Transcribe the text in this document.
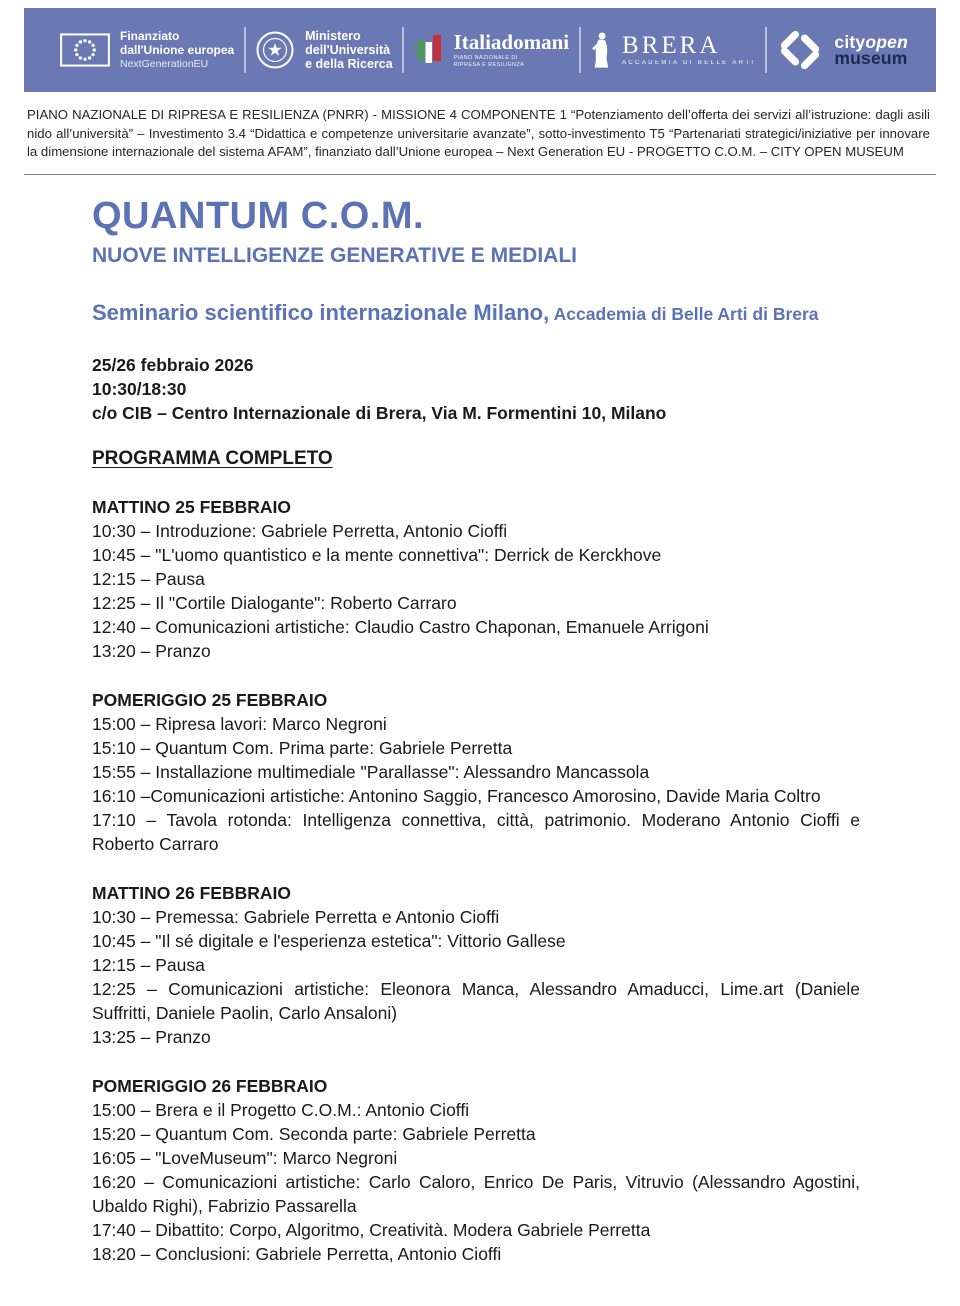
Finanziato
dall'Unione europea
NextGenerationEU
Ministero
dell'Università
e della Ricerca
Italiadomani
PIANO NAZIONALE DI RIPRESA E RESILIENZA
BRERA
ACCADEMIA DI BELLE ARTI
cityopen
museum

PIANO NAZIONALE DI RIPRESA E RESILIENZA (PNRR) - MISSIONE 4 COMPONENTE 1 “Potenziamento dell’offerta dei servizi all’istruzione: dagli asili nido all’università” – Investimento 3.4 “Didattica e competenze universitarie avanzate”, sotto-investimento T5 “Partenariati strategici/iniziative per innovare la dimensione internazionale del sistema AFAM”, finanziato dall’Unione europea – Next Generation EU - PROGETTO C.O.M. – CITY OPEN MUSEUM

QUANTUM C.O.M.
NUOVE INTELLIGENZE GENERATIVE E MEDIALI
Seminario scientifico internazionale Milano, Accademia di Belle Arti di Brera
25/26 febbraio 2026
10:30/18:30
c/o CIB – Centro Internazionale di Brera, Via M. Formentini 10, Milano
PROGRAMMA COMPLETO
MATTINO 25 FEBBRAIO

10:30 – Introduzione: Gabriele Perretta, Antonio Cioffi

10:45 – "L'uomo quantistico e la mente connettiva": Derrick de Kerckhove

12:15 – Pausa

12:25 – Il "Cortile Dialogante": Roberto Carraro

12:40 – Comunicazioni artistiche: Claudio Castro Chaponan, Emanuele Arrigoni

13:20 – Pranzo

POMERIGGIO 25 FEBBRAIO

15:00 – Ripresa lavori: Marco Negroni

15:10 – Quantum Com. Prima parte: Gabriele Perretta

15:55 – Installazione multimediale "Parallasse": Alessandro Mancassola

16:10 –Comunicazioni artistiche: Antonino Saggio, Francesco Amorosino, Davide Maria Coltro

17:10 – Tavola rotonda: Intelligenza connettiva, città, patrimonio. Moderano Antonio Cioffi e Roberto Carraro

MATTINO 26 FEBBRAIO

10:30 – Premessa: Gabriele Perretta e Antonio Cioffi

10:45 – "Il sé digitale e l'esperienza estetica": Vittorio Gallese

12:15 – Pausa

12:25 – Comunicazioni artistiche: Eleonora Manca, Alessandro Amaducci, Lime.art (Daniele Suffritti, Daniele Paolin, Carlo Ansaloni)

13:25 – Pranzo

POMERIGGIO 26 FEBBRAIO

15:00 – Brera e il Progetto C.O.M.: Antonio Cioffi

15:20 – Quantum Com. Seconda parte: Gabriele Perretta

16:05 – "LoveMuseum": Marco Negroni

16:20 – Comunicazioni artistiche: Carlo Caloro, Enrico De Paris, Vitruvio (Alessandro Agostini, Ubaldo Righi), Fabrizio Passarella

17:40 – Dibattito: Corpo, Algoritmo, Creatività. Modera Gabriele Perretta

18:20 – Conclusioni: Gabriele Perretta, Antonio Cioffi
